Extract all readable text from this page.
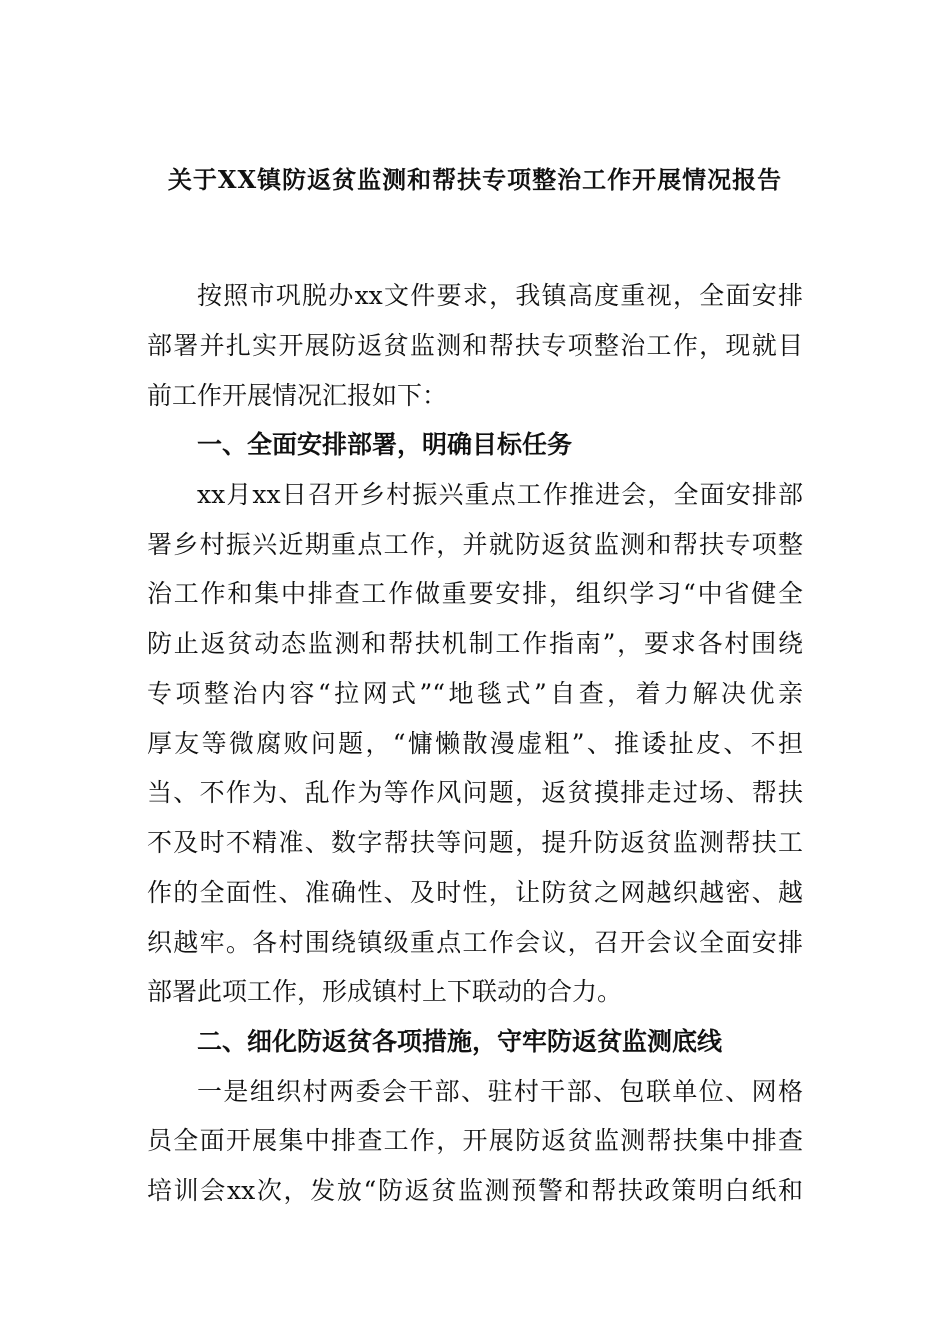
关于XX镇防返贫监测和帮扶专项整治工作开展情况报告
按照市巩脱办xx文件要求，我镇高度重视，全面安排
部署并扎实开展防返贫监测和帮扶专项整治工作，现就目
前工作开展情况汇报如下：
一、全面安排部署，明确目标任务
xx月xx日召开乡村振兴重点工作推进会，全面安排部
署乡村振兴近期重点工作，并就防返贫监测和帮扶专项整
治工作和集中排查工作做重要安排，组织学习“中省健全
防止返贫动态监测和帮扶机制工作指南”，要求各村围绕
专项整治内容“拉网式”“地毯式”自查，着力解决优亲
厚友等微腐败问题，“慵懒散漫虚粗”、推诿扯皮、不担
当、不作为、乱作为等作风问题，返贫摸排走过场、帮扶
不及时不精准、数字帮扶等问题，提升防返贫监测帮扶工
作的全面性、准确性、及时性，让防贫之网越织越密、越
织越牢。各村围绕镇级重点工作会议，召开会议全面安排
部署此项工作，形成镇村上下联动的合力。
二、细化防返贫各项措施，守牢防返贫监测底线
一是组织村两委会干部、驻村干部、包联单位、网格
员全面开展集中排查工作，开展防返贫监测帮扶集中排查
培训会xx次，发放“防返贫监测预警和帮扶政策明白纸和
